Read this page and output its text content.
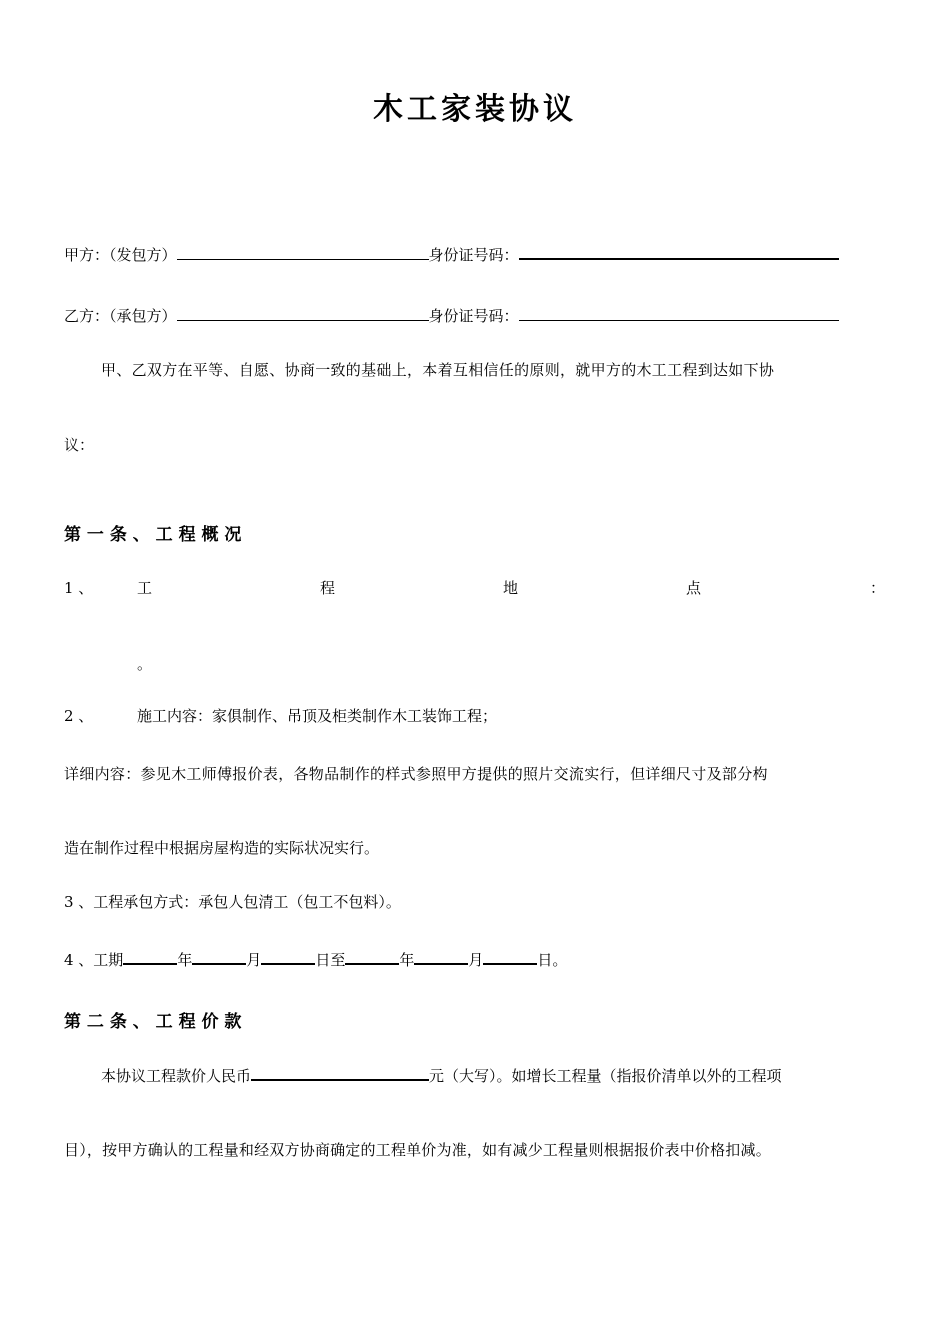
木工家装协议
甲方：（发包方）	身份证号码：
乙方：（承包方）	身份证号码：
甲、乙双方在平等、自愿、协商一致的基础上，本着互相信任的原则，就甲方的木工工程到达如下协
议：
第 一 条 、 工 程 概 况
1 、	工	程	地	点	：
。
2 、	施工内容：家俱制作、吊顶及柜类制作木工装饰工程；
详细内容：参见木工师傅报价表，各物品制作的样式参照甲方提供的照片交流实行，但详细尺寸及部分构
造在制作过程中根据房屋构造的实际状况实行。
3 、工程承包方式：承包人包清工（包工不包料）。
4 、工期	年	月	日至	年	月	日。
第 二 条 、 工 程 价 款
本协议工程款价人民币	元（大写）。如增长工程量（指报价清单以外的工程项
目），按甲方确认的工程量和经双方协商确定的工程单价为准，如有减少工程量则根据报价表中价格扣减。
